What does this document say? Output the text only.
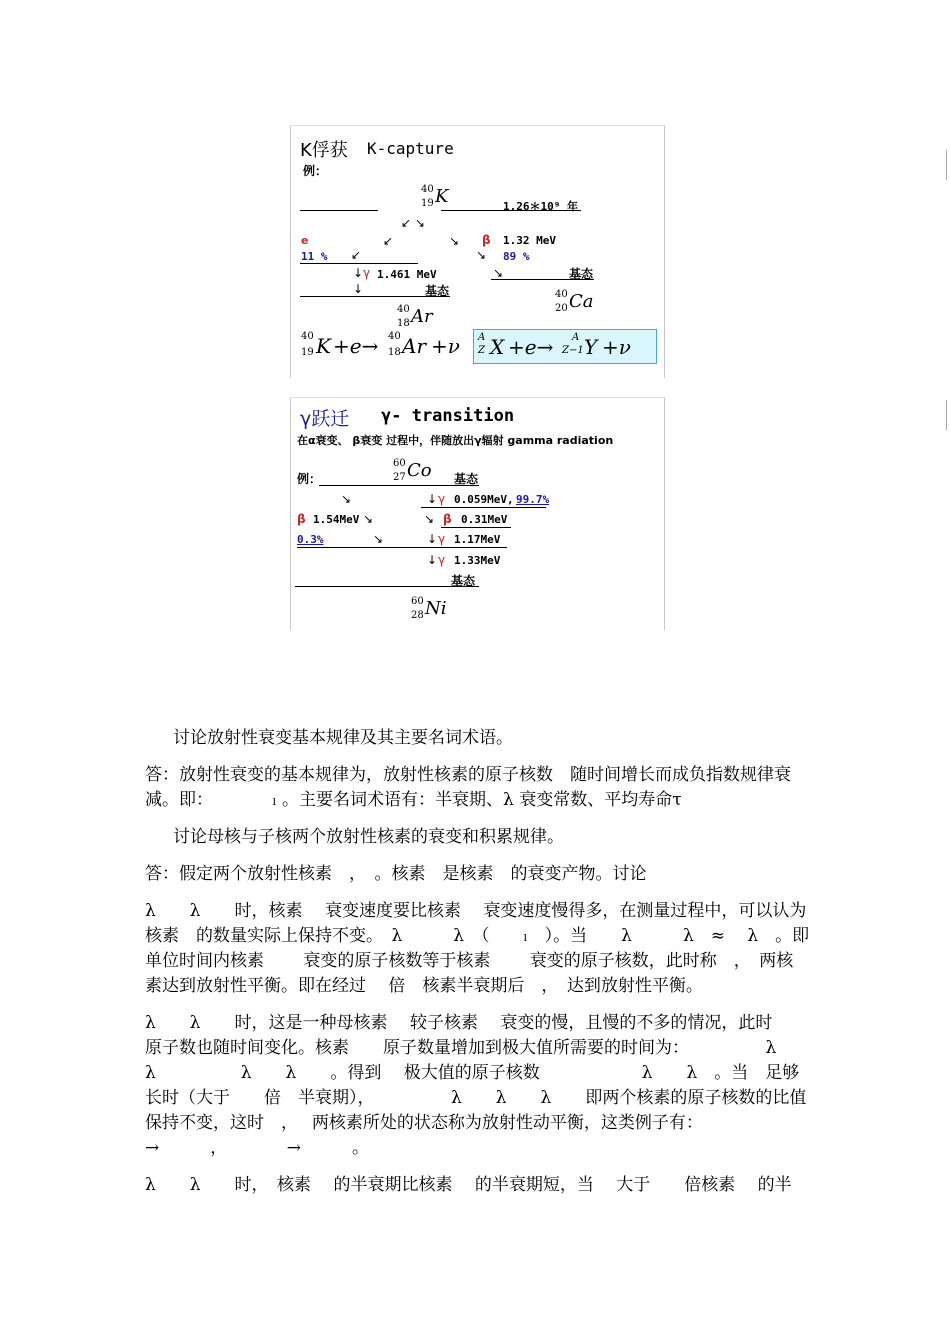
K俘获 K-capture
例：
40
19 K	1.26＊10⁹ 年
↙ ↘
↙	↘
e	β 1.32 MeV
11 % ↙	↘ 89 %
↓ γ 1.461 MeV	↘	基态
↓	基态	40
20 Ca
40
18 Ar
40
19 K +e→ 40
18 Ar +ν A
Z X +e→ A
Z−1 Y +ν
γ跃迁 γ- transition
在α衰变、 β衰变 过程中，伴随放出γ辐射 gamma radiation
例：
60
27 Co 基态
↘	↓ γ 0.059MeV, 99.7%
β 1.54MeV ↘	↘ β 0.31MeV
0.3%	↘	↓ γ 1.17MeV
↓ γ 1.33MeV
基态
60
28 Ni

讨论放射性衰变基本规律及其主要名词术语。

答：放射性衰变的基本规律为，放射性核素的原子核数　随时间增长而成负指数规律衰减。即：　　　　ₗ 。主要名词术语有：半衰期、λ 衰变常数、平均寿命τ

讨论母核与子核两个放射性核素的衰变和积累规律。

答：假定两个放射性核素　，　。核素　是核素　的衰变产物。讨论

λ　　λ　　时，核素　 衰变速度要比核素　 衰变速度慢得多，在测量过程中，可以认为核素　的数量实际上保持不变。　λ　　　λ　（　　ₗ　）。当　　λ　　　λ　≈　 λ　。即单位时间内核素　　 衰变的原子核数等于核素　　 衰变的原子核数，此时称　，　两核素达到放射性平衡。即在经过　 倍　核素半衰期后　，　达到放射性平衡。

λ　　λ　　时，这是一种母核素　 较子核素　 衰变的慢，且慢的不多的情况，此时　 原子数也随时间变化。核素　　原子数量增加到极大值所需要的时间为：　　　　　λ　　λ　　　　　λ　　λ　　。得到　 极大值的原子核数　　　　　　λ　　λ　。当　足够长时（大于　　倍　半衰期），　　　　　λ　　λ　　λ　　即两个核素的原子核数的比值保持不变，这时　，　 两核素所处的状态称为放射性动平衡，这类例子有：　　　　→　　　，　　　　→　　　。

λ　　λ　　时，　核素　 的半衰期比核素　 的半衰期短，当　 大于　　倍核素　 的半
